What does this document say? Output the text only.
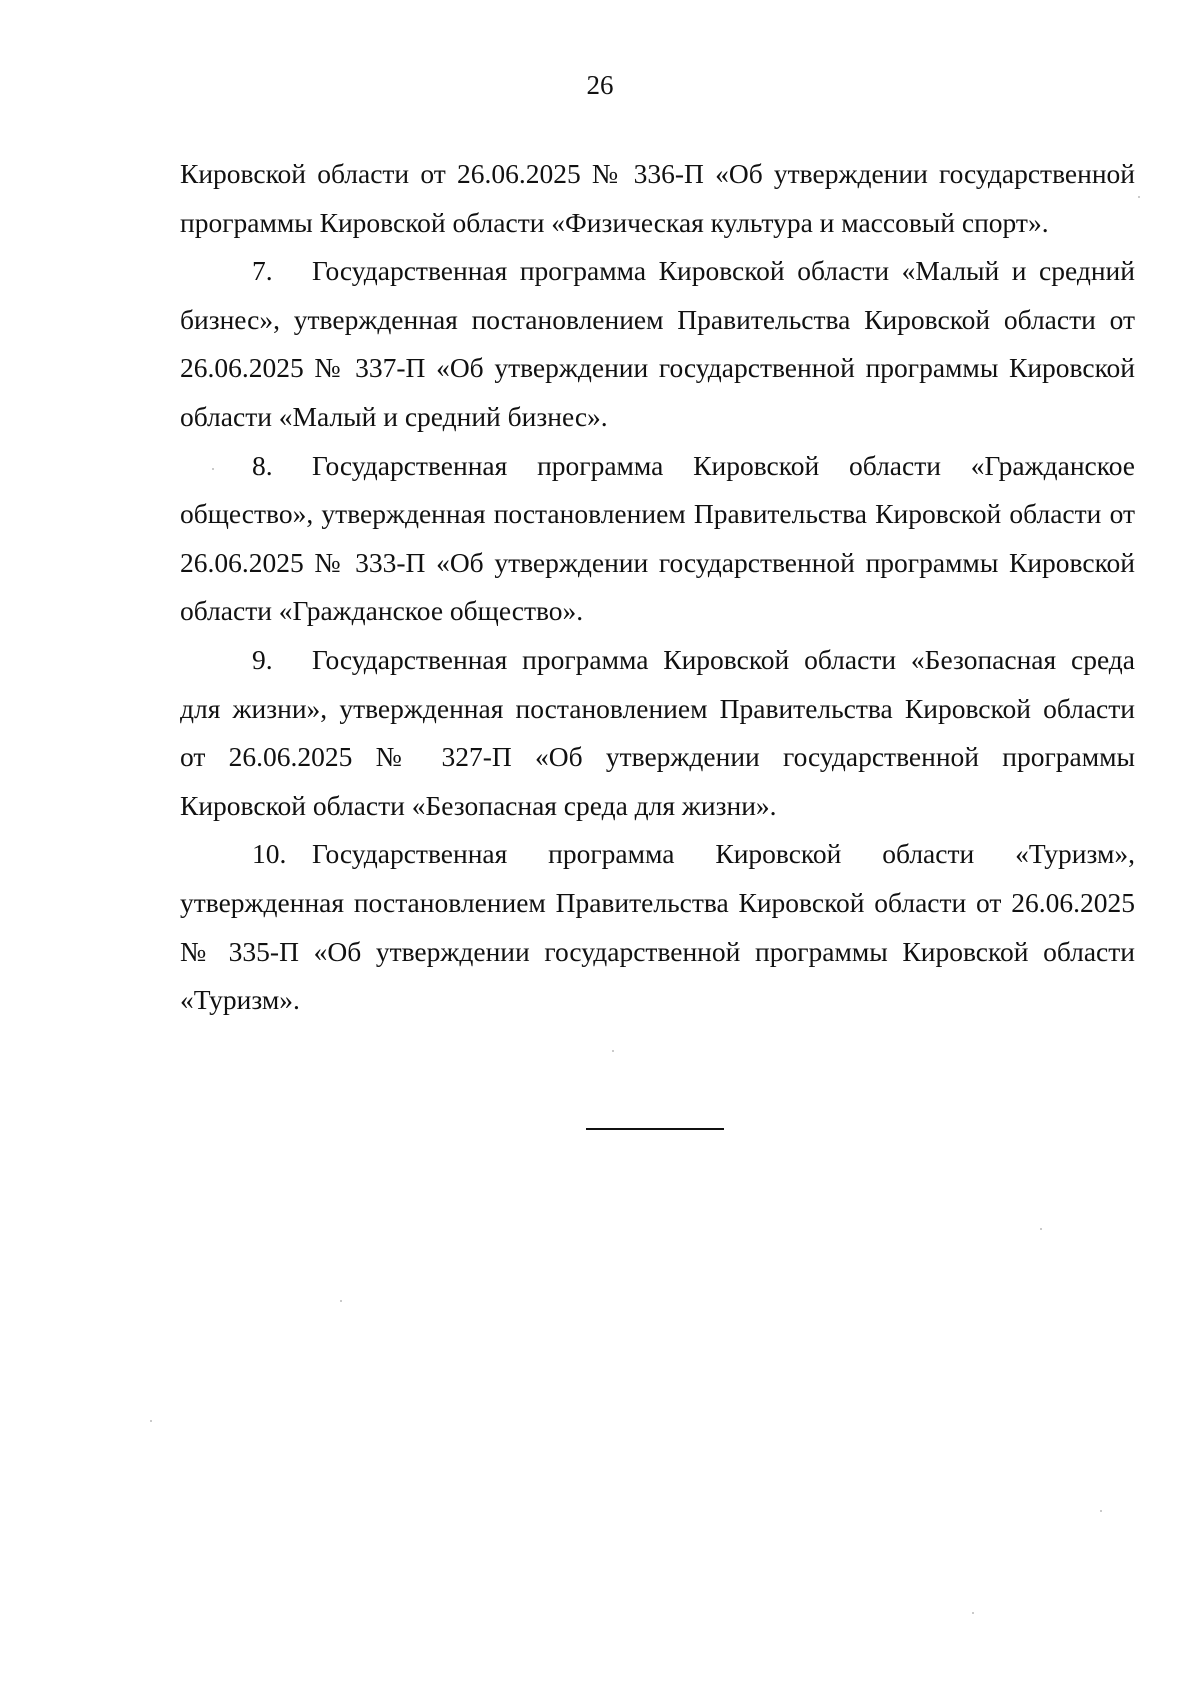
26

Кировской области от 26.06.2025 № 336-П «Об утверждении государственной программы Кировской области «Физическая культура и массовый спорт».

7. Государственная программа Кировской области «Малый и средний бизнес», утвержденная постановлением Правительства Кировской области от 26.06.2025 № 337-П «Об утверждении государственной программы Кировской области «Малый и средний бизнес».

8. Государственная программа Кировской области «Гражданское общество», утвержденная постановлением Правительства Кировской области от 26.06.2025 № 333-П «Об утверждении государственной программы Кировской области «Гражданское общество».

9. Государственная программа Кировской области «Безопасная среда для жизни», утвержденная постановлением Правительства Кировской области от 26.06.2025 № 327-П «Об утверждении государственной программы Кировской области «Безопасная среда для жизни».

10. Государственная программа Кировской области «Туризм», утвержденная постановлением Правительства Кировской области от 26.06.2025 № 335-П «Об утверждении государственной программы Кировской области «Туризм».
